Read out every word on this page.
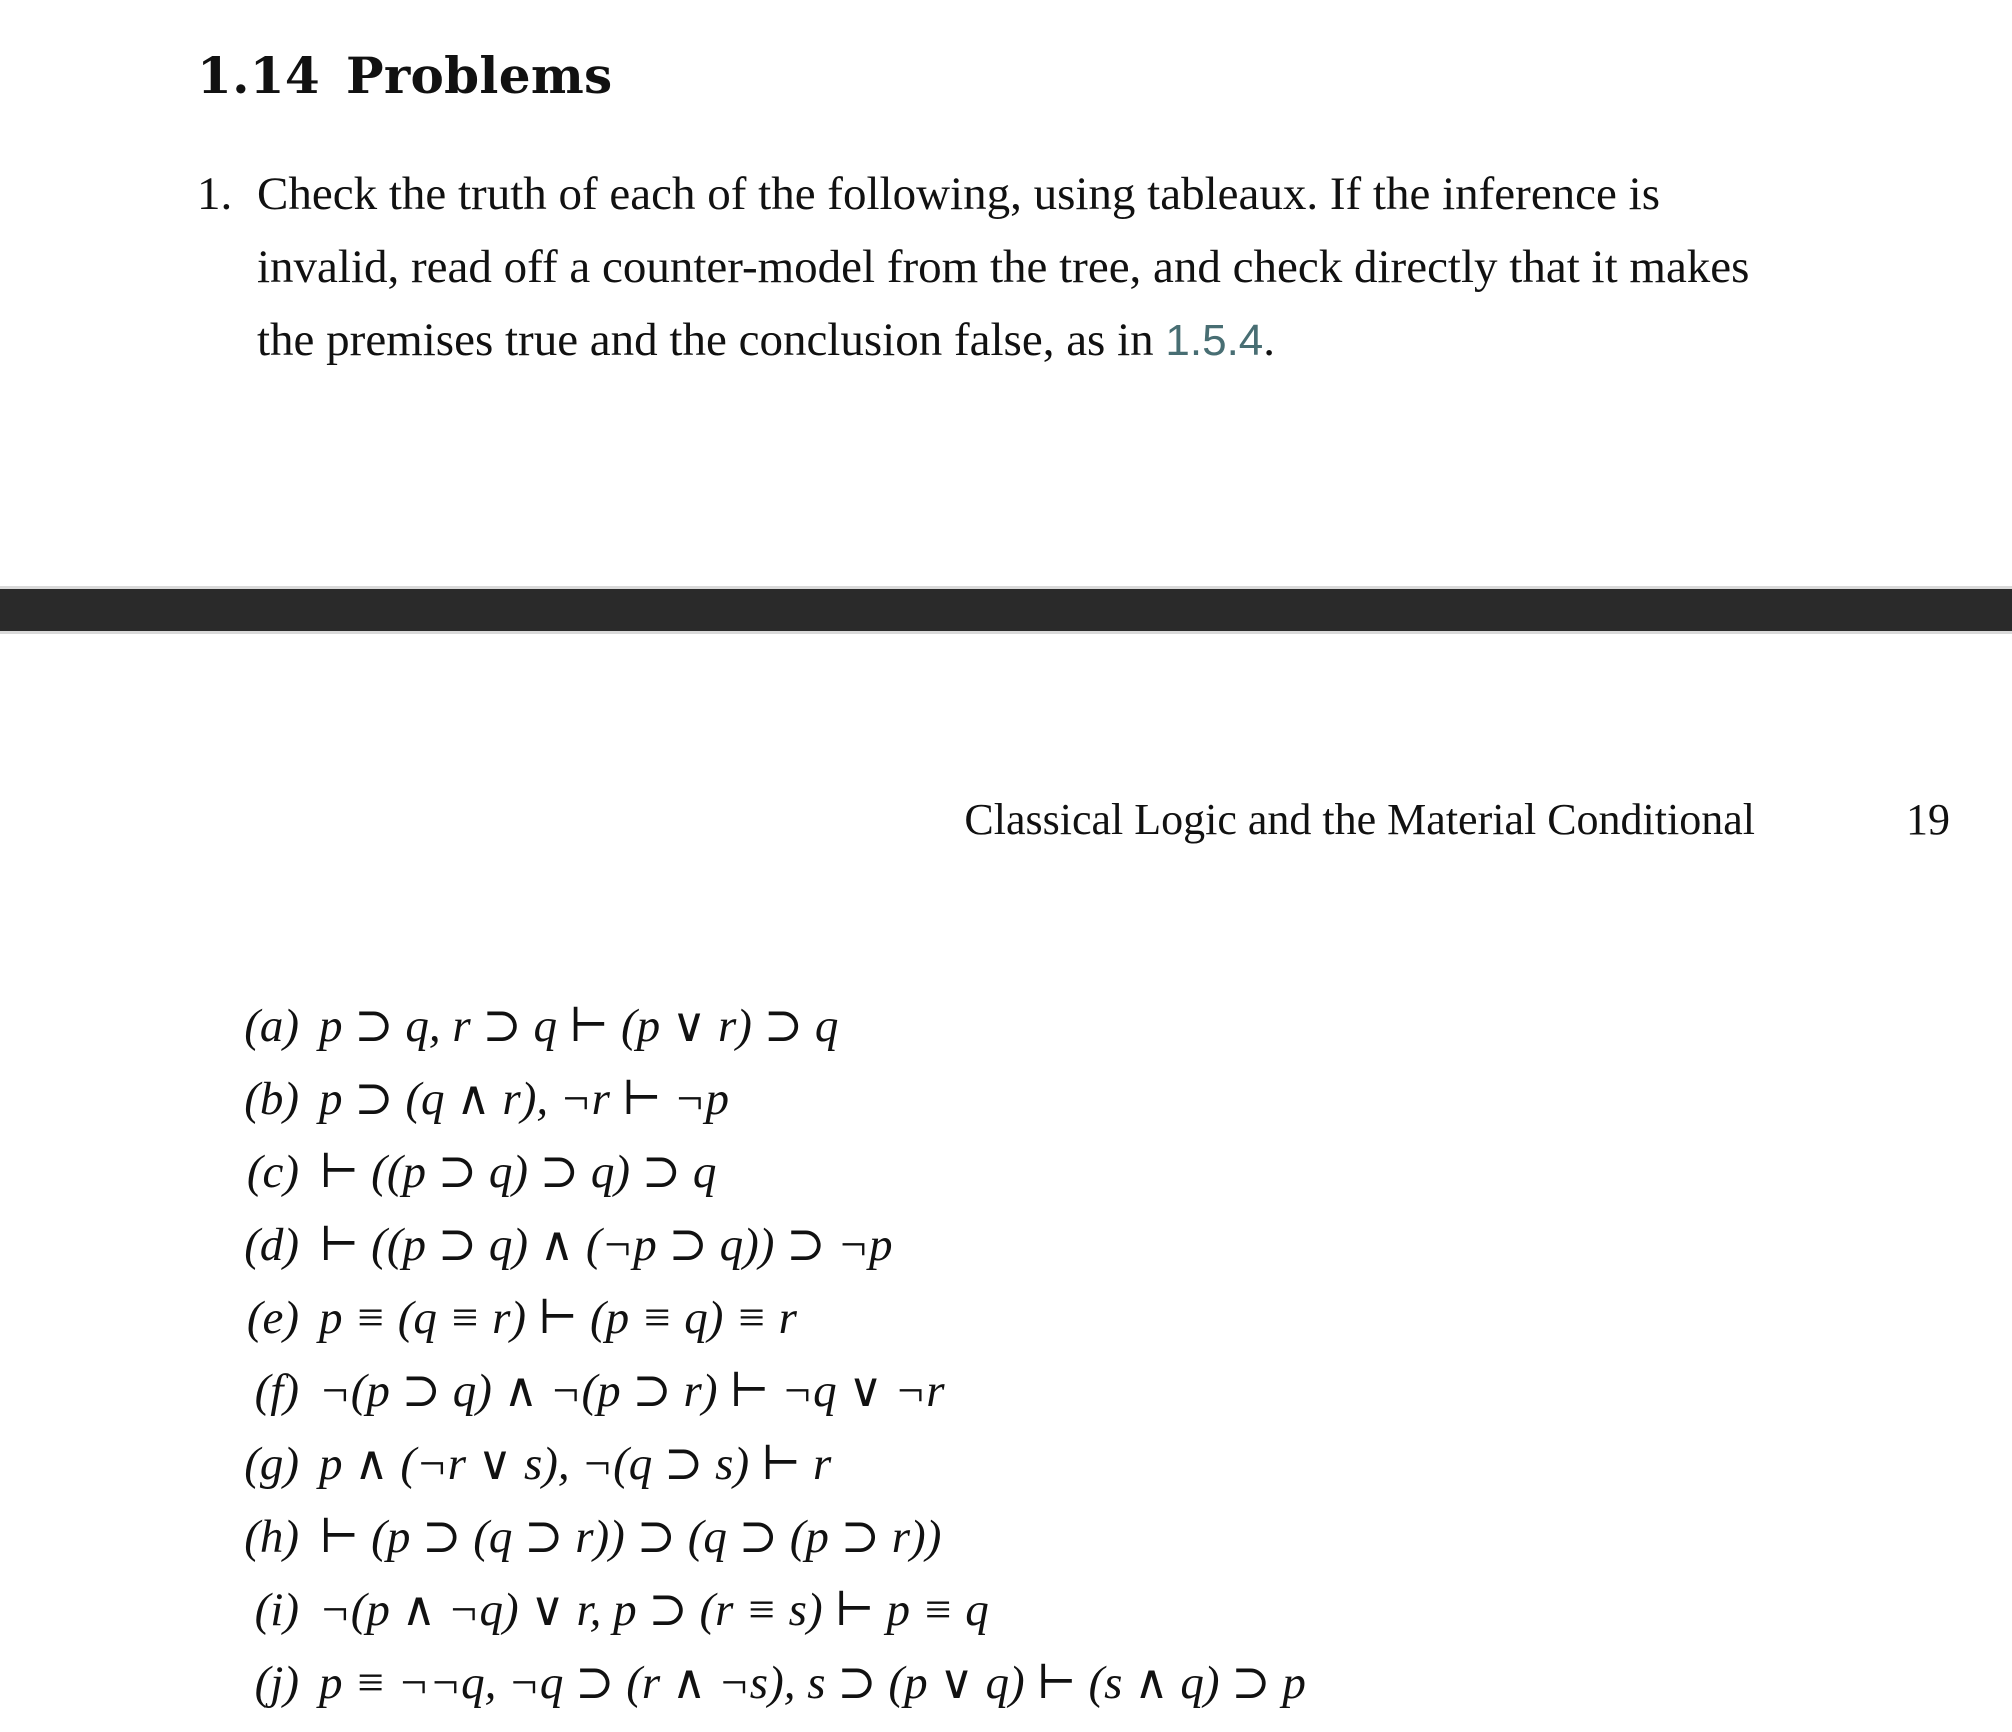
1.14 Problems
1. Check the truth of each of the following, using tableaux. If the inference is invalid, read off a counter-model from the tree, and check directly that it makes the premises true and the conclusion false, as in 1.5.4.
Classical Logic and the Material Conditional	19
(a) p ⊃ q, r ⊃ q ⊢ (p ∨ r) ⊃ q
(b) p ⊃ (q ∧ r), ¬r ⊢ ¬p
(c) ⊢ ((p ⊃ q) ⊃ q) ⊃ q
(d) ⊢ ((p ⊃ q) ∧ (¬p ⊃ q)) ⊃ ¬p
(e) p ≡ (q ≡ r) ⊢ (p ≡ q) ≡ r
(f) ¬(p ⊃ q) ∧ ¬(p ⊃ r) ⊢ ¬q ∨ ¬r
(g) p ∧ (¬r ∨ s), ¬(q ⊃ s) ⊢ r
(h) ⊢ (p ⊃ (q ⊃ r)) ⊃ (q ⊃ (p ⊃ r))
(i) ¬(p ∧ ¬q) ∨ r, p ⊃ (r ≡ s) ⊢ p ≡ q
(j) p ≡ ¬¬q, ¬q ⊃ (r ∧ ¬s), s ⊃ (p ∨ q) ⊢ (s ∧ q) ⊃ p
